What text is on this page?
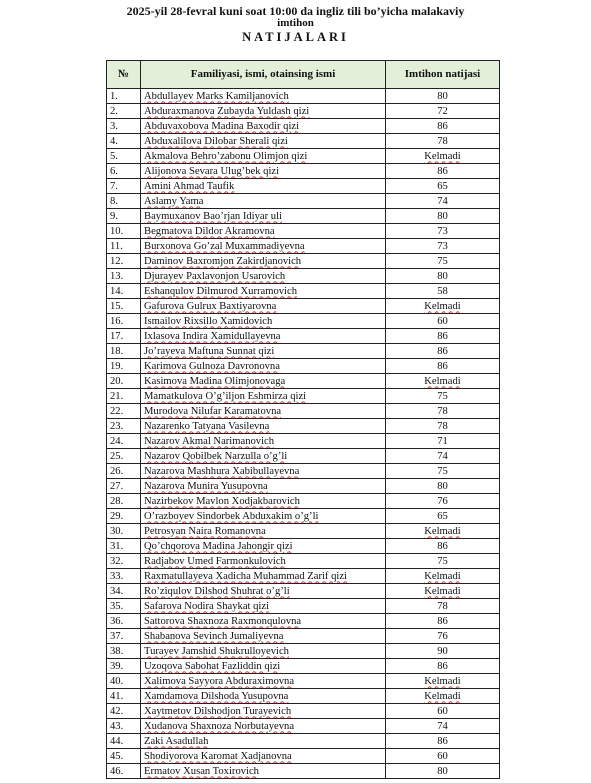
2025-yil 28-fevral kuni soat 10:00 da ingliz tili bo’yicha malakaviy
imtihon
NATIJALARI
№	Familiyasi, ismi, otainsing ismi	Imtihon natijasi
1.	Abdullayev Marks Kamiljanovich	80
2.	Abduraxmanova Zubayda Yuldash qizi	72
3.	Abduvaxobova Madina Baxodir qizi	86
4.	Abduxalilova Dilobar Sherali qizi	78
5.	Akmalova Behro’zabonu Olimjon qizi	Kelmadi
6.	Alijonova Sevara Ulug’bek qizi	86
7.	Amini Ahmad Taufik	65
8.	Aslamy Yama	74
9.	Baymuxanov Bao’rjan Idiyar uli	80
10.	Begmatova Dildor Akramovna	73
11.	Burxonova Go’zal Muxammadiyevna	73
12.	Daminov Baxromjon Zakirdjanovich	75
13.	Djurayev Paxlavonjon Usarovich	80
14.	Eshanqulov Dilmurod Xurramovich	58
15.	Gafurova Gulrux Baxtiyarovna	Kelmadi
16.	Ismailov Rixsillo Xamidovich	60
17.	Ixlasova Indira Xamidullayevna	86
18.	Jo’rayeva Maftuna Sunnat qizi	86
19.	Karimova Gulnoza Davronovna	86
20.	Kasimova Madina Olimjonovaga	Kelmadi
21.	Mamatkulova O’g’iljon Eshmirza qizi	75
22.	Murodova Nilufar Karamatovna	78
23.	Nazarenko Tatyana Vasilevna	78
24.	Nazarov Akmal Narimanovich	71
25.	Nazarov Qobilbek Narzulla o’g’li	74
26.	Nazarova Mashhura Xabibullayevna	75
27.	Nazarova Munira Yusupovna	80
28.	Nazirbekov Mavlon Xodjakbarovich	76
29.	O’razboyev Sindorbek Abduxakim o’g’li	65
30.	Petrosyan Naira Romanovna	Kelmadi
31.	Qo’chqorova Madina Jahongir qizi	86
32.	Radjabov Umed Farmonkulovich	75
33.	Raxmatullayeva Xadicha Muhammad Zarif qizi	Kelmadi
34.	Ro’ziqulov Dilshod Shuhrat o’g’li	Kelmadi
35.	Safarova Nodira Shaykat qizi	78
36.	Sattorova Shaxnoza Raxmonqulovna	86
37.	Shabanova Sevinch Jumaliyevna	76
38.	Turayev Jamshid Shukrulloyevich	90
39.	Uzoqova Sabohat Fazliddin qizi	86
40.	Xalimova Sayyora Abduraximovna	Kelmadi
41.	Xamdamova Dilshoda Yusupovna	Kelmadi
42.	Xaytmetov Dilshodjon Turayevich	60
43.	Xudanova Shaxnoza Norbutayevna	74
44.	Zaki Asadullah	86
45.	Shodiyorova Karomat Xadjanovna	60
46.	Ermatov Xusan Toxirovich	80
